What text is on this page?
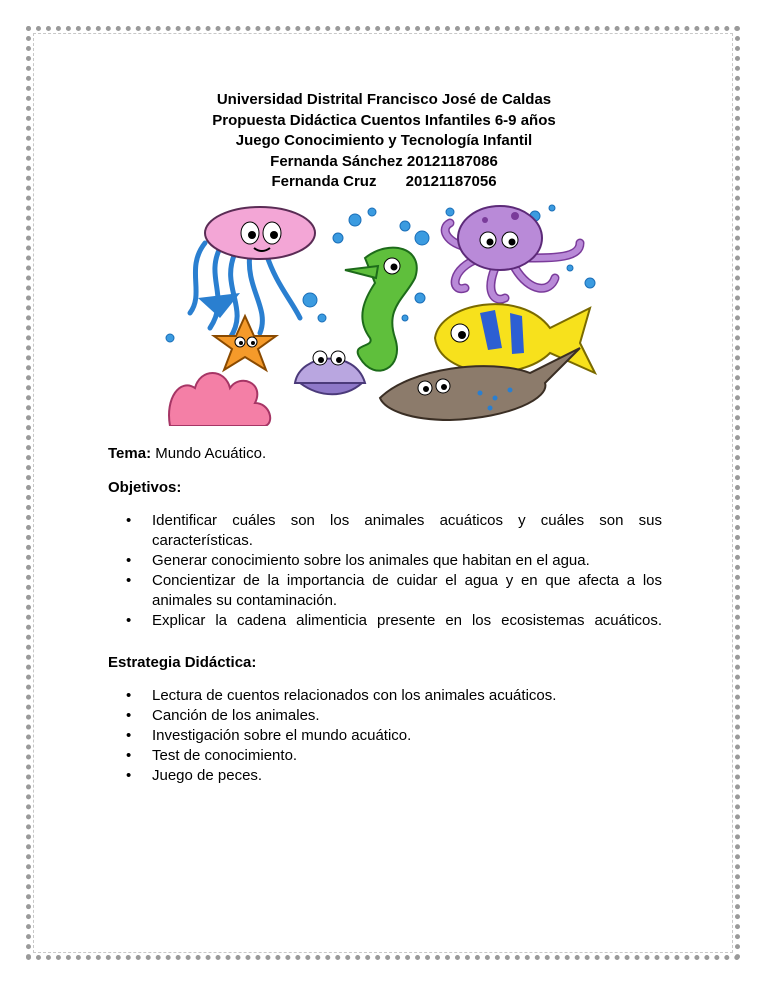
Universidad Distrital Francisco José de Caldas
Propuesta Didáctica Cuentos Infantiles 6-9 años
Juego Conocimiento y Tecnología Infantil
Fernanda Sánchez 20121187086
Fernanda Cruz       20121187056

Tema: Mundo Acuático.

Objetivos:

• Identificar cuáles son los animales acuáticos y cuáles son sus características.
• Generar conocimiento sobre los animales que habitan en el agua.
• Concientizar de la importancia de cuidar el agua y en que afecta a los animales su contaminación.
• Explicar la cadena alimenticia presente en los ecosistemas acuáticos.

Estrategia Didáctica:

• Lectura de cuentos relacionados con los animales acuáticos.
• Canción de los animales.
• Investigación sobre el mundo acuático.
• Test de conocimiento.
• Juego de peces.
